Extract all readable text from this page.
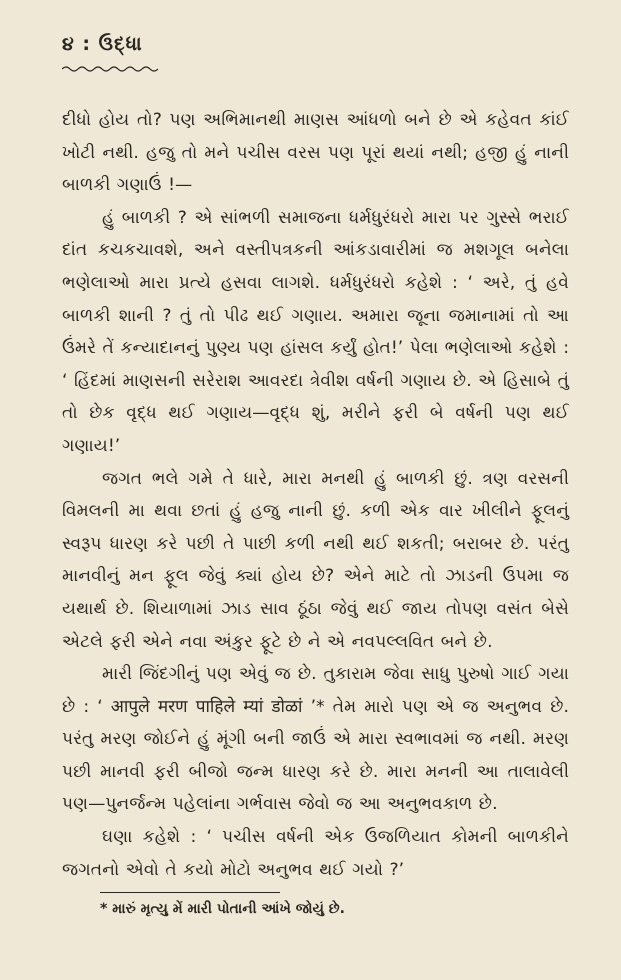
૪ : ઉદ્ધા

દીધો હોય તો? પણ અભિમાનથી માણસ આંધળો બને છે એ કહેવત કાંઈ ખોટી નથી. હજુ તો મને પચીસ વરસ પણ પૂરાં થયાં નથી; હજી હું નાની બાળકી ગણાઉં !—

હું બાળકી ? એ સાંભળી સમાજના ધર્મધુરંધરો મારા પર ગુસ્સે ભરાઈ દાંત કચકચાવશે, અને વસ્તીપત્રકની આંકડાવારીમાં જ મશગૂલ બનેલા ભણેલાઓ મારા પ્રત્યે હસવા લાગશે. ધર્મધુરંધરો કહેશે : ‘ અરે, તું હવે બાળકી શાની ? તું તો પીઢ થઈ ગણાય. અમારા જૂના જમાનામાં તો આ ઉંમરે તેં કન્યાદાનનું પુણ્ય પણ હાંસલ કર્યું હોત!’ પેલા ભણેલાઓ કહેશે : ‘ હિંદમાં માણસની સરેરાશ આવરદા ત્રેવીશ વર્ષની ગણાય છે. એ હિસાબે તું તો છેક વૃદ્ધ થઈ ગણાય—વૃદ્ધ શું, મરીને ફરી બે વર્ષની પણ થઈ ગણાય!’

જગત ભલે ગમે તે ધારે, મારા મનથી હું બાળકી છું. ત્રણ વરસની વિમલની મા થવા છતાં હું હજુ નાની છું. કળી એક વાર ખીલીને ફૂલનું સ્વરૂપ ધારણ કરે પછી તે પાછી કળી નથી થઈ શકતી; બરાબર છે. પરંતુ માનવીનું મન ફૂલ જેવું ક્યાં હોય છે? એને માટે તો ઝાડની ઉપમા જ યથાર્થ છે. શિયાળામાં ઝાડ સાવ ઠૂંઠા જેવું થઈ જાય તોપણ વસંત બેસે એટલે ફરી એને નવા અંકુર ફૂટે છે ને એ નવપલ્લવિત બને છે.

મારી જિંદગીનું પણ એવું જ છે. તુકારામ જેવા સાધુ પુરુષો ગાઈ ગયા છે : ‘ आपुले मरण पाहिले म्यां डोळां ’* તેમ મારો પણ એ જ અનુભવ છે. પરંતુ મરણ જોઈને હું મૂંગી બની જાઉં એ મારા સ્વભાવમાં જ નથી. મરણ પછી માનવી ફરી બીજો જન્મ ધારણ કરે છે. મારા મનની આ તાલાવેલી પણ—પુનર્જન્મ પહેલાંના ગર્ભવાસ જેવો જ આ અનુભવકાળ છે.

ઘણા કહેશે : ‘ પચીસ વર્ષની એક ઉજળિયાત કોમની બાળકીને જગતનો એવો તે કયો મોટો અનુભવ થઈ ગયો ?’

* મારું મૃત્યુ મેં મારી પોતાની આંખે જોયું છે.
